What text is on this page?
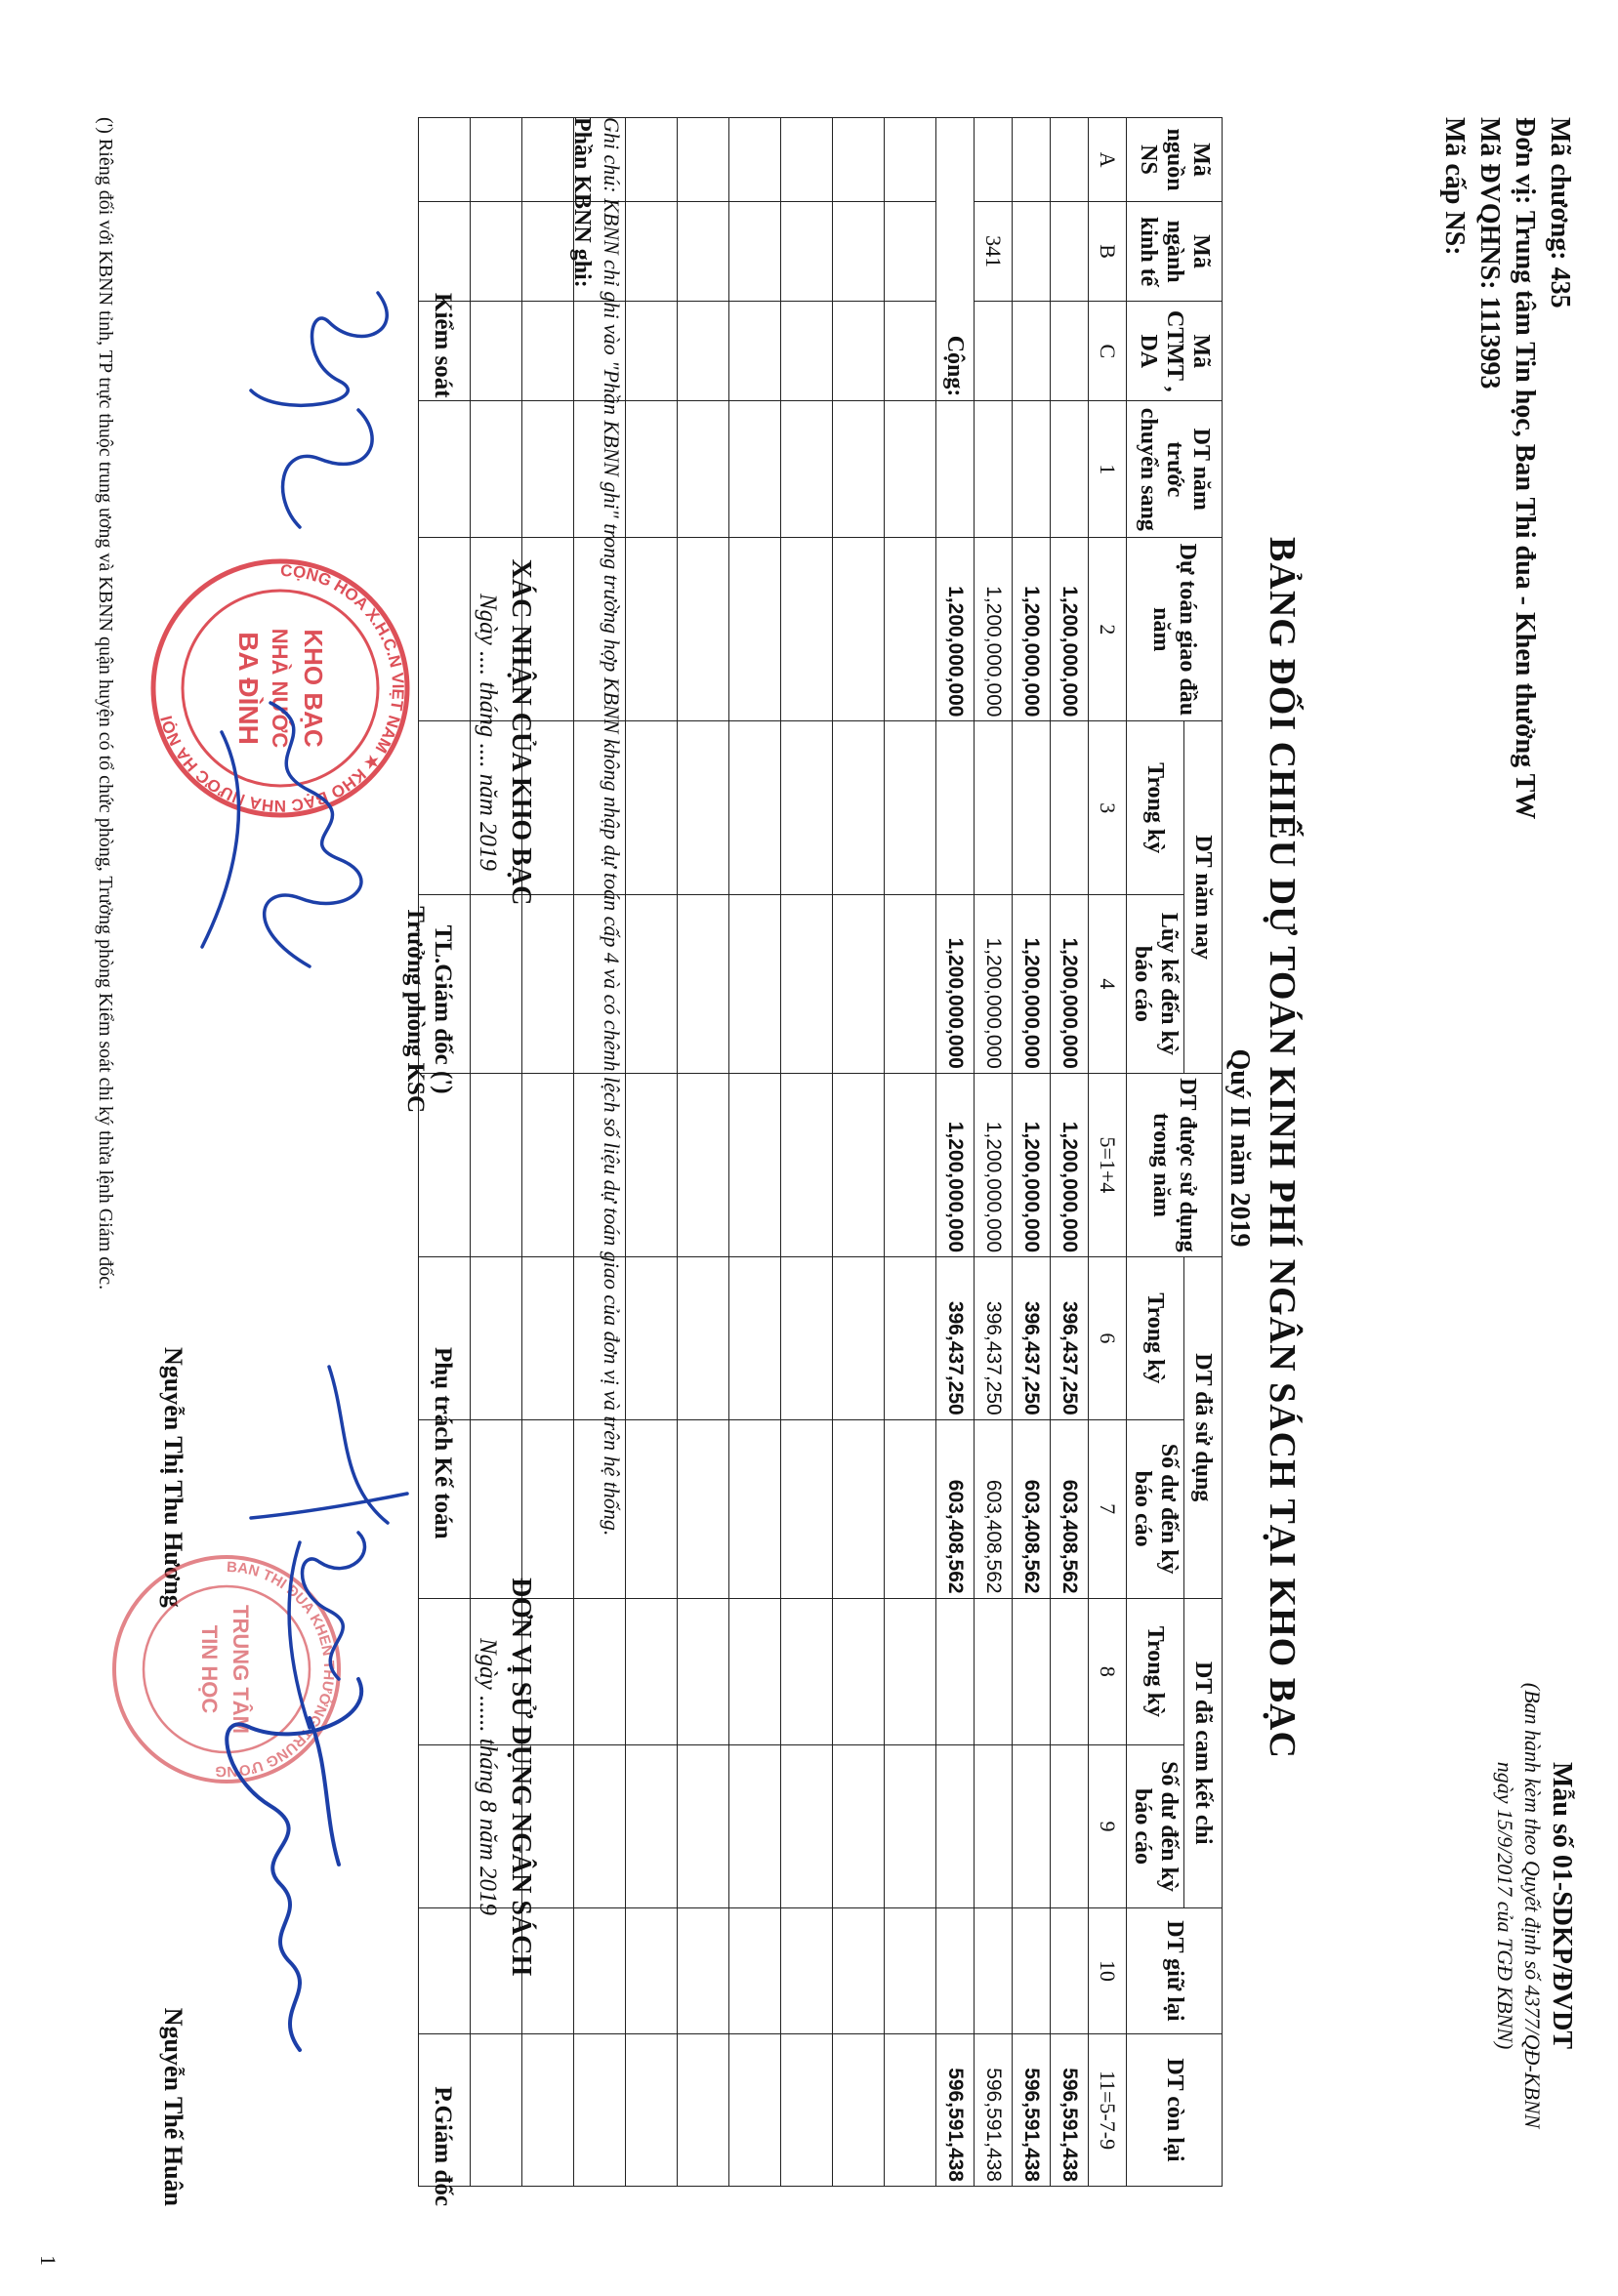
Mã chương: 435
Đơn vị: Trung tâm Tin học, Ban Thi đua - Khen thưởng TW
Mã ĐVQHNS: 1113993
Mã cấp NS:
Mẫu số 01-SDKP/ĐVDT
(Ban hành kèm theo Quyết định số 4377/QĐ-KBNN
ngày 15/9/2017 của TGĐ KBNN)
BẢNG ĐỐI CHIẾU DỰ TOÁN KINH PHÍ NGÂN SÁCH TẠI KHO BẠC
Quý II năm 2019
Mã nguồn NS	Mã ngành kinh tế	Mã CTMT , DA	DT năm trước chuyển sang	Dự toán giao đầu năm	DT năm nay		DT được sử dụng trong năm	DT đã sử dụng		DT đã cam kết chi		DT giữ lại	DT còn lại
					Trong kỳ	Lũy kế đến kỳ báo cáo		Trong kỳ	Số dư đến kỳ báo cáo	Trong kỳ	Số dư đến kỳ báo cáo		
A	B	C	1	2	3	4	5=1+4	6	7	8	9	10	11=5-7-9
				1,200,000,000		1,200,000,000	1,200,000,000	396,437,250	603,408,562				596,591,438
				1,200,000,000		1,200,000,000	1,200,000,000	396,437,250	603,408,562				596,591,438
	341			1,200,000,000		1,200,000,000	1,200,000,000	396,437,250	603,408,562				596,591,438
Cộng:				1,200,000,000		1,200,000,000	1,200,000,000	396,437,250	603,408,562				596,591,438

Ghi chú: KBNN chỉ ghi vào "Phần KBNN ghi" trong trường hợp KBNN không nhập dự toán cấp 4 và có chênh lệch số liệu dự toán giao của đơn vị và trên hệ thống.
Phần KBNN ghi:
XÁC NHẬN CỦA KHO BẠC
Ngày .... tháng .... năm 2019
Kiểm soát
TL.Giám đốc (')
Trưởng phòng KSC
ĐƠN VỊ SỬ DỤNG NGÂN SÁCH
Ngày ...... tháng 8 năm 2019
Phụ trách Kế toán
P.Giám đốc
Nguyễn Thị Thu Hương
Nguyễn Thế Huân
(') Riêng đối với KBNN tỉnh, TP trực thuộc trung ương và KBNN quận huyện có tổ chức phòng, Trưởng phòng Kiểm soát chi ký thừa lệnh Giám đốc.
1
CỘNG HÒA X.H.C.N VIỆT NAM ★ KHO BẠC NHÀ NƯỚC HÀ NỘI	KHO BẠC
NHÀ NƯỚC
BA ĐÌNH
BAN THI ĐUA KHEN THƯỞNG TRUNG ƯƠNG
TRUNG TÂM
TIN HỌC
